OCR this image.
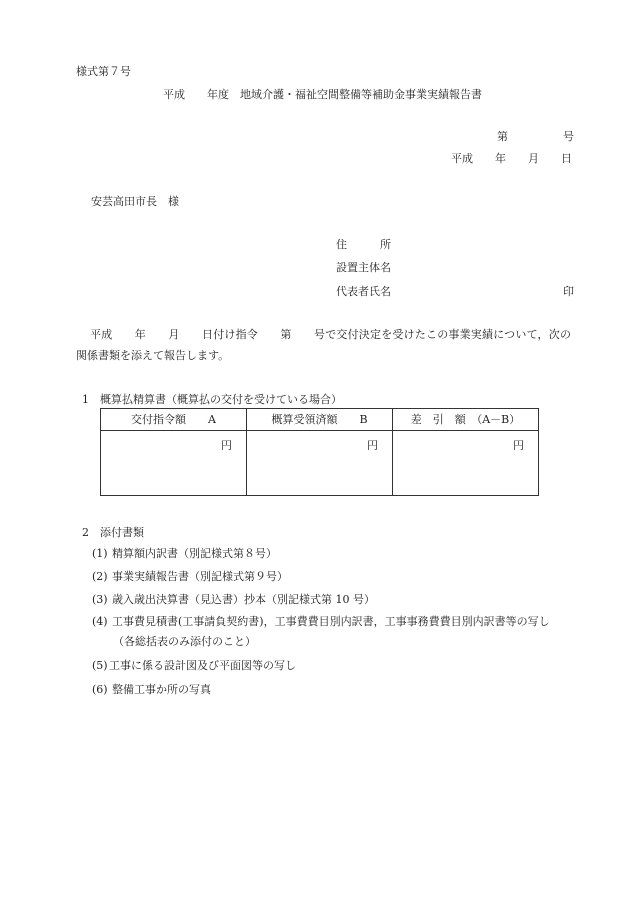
様式第７号
平成　　年度　地域介護・福祉空間整備等補助金事業実績報告書
第　　　　　号
平成　　年　　月　　日
安芸高田市長　様
住　　　所
設置主体名
代表者氏名	印
平成　　年　　月　　日付け指令　　第　　号で交付決定を受けたこの事業実績について，次の
関係書類を添えて報告します。
1　概算払精算書（概算払の交付を受けている場合）
交付指令額　　A	概算受領済額　　B	差　引　額　（A－B）
円	円	円
2　添付書類
(1) 精算額内訳書（別記様式第８号）
(2) 事業実績報告書（別記様式第９号）
(3) 歳入歳出決算書（見込書）抄本（別記様式第 10 号）
(4) 工事費見積書(工事請負契約書)，工事費費目別内訳書，工事事務費費目別内訳書等の写し
（各総括表のみ添付のこと）
(5) 工事に係る設計図及び平面図等の写し
(6) 整備工事か所の写真
